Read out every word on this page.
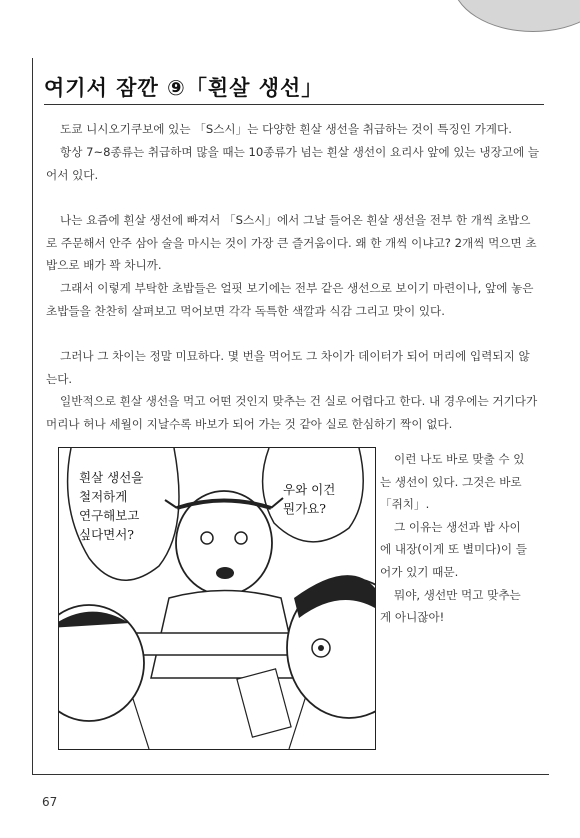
여기서 잠깐 ⑨「흰살 생선」

도쿄 니시오기쿠보에 있는 「S스시」는 다양한 흰살 생선을 취급하는 것이 특징인 가게다.

항상 7~8종류는 취급하며 많을 때는 10종류가 넘는 흰살 생선이 요리사 앞에 있는 냉장고에 늘어서 있다.

나는 요즘에 흰살 생선에 빠져서 「S스시」에서 그날 들어온 흰살 생선을 전부 한 개씩 초밥으로 주문해서 안주 삼아 술을 마시는 것이 가장 큰 즐거움이다. 왜 한 개씩 이냐고? 2개씩 먹으면 초밥으로 배가 꽉 차니까.

그래서 이렇게 부탁한 초밥들은 얼핏 보기에는 전부 같은 생선으로 보이기 마련이나, 앞에 놓은 초밥들을 찬찬히 살펴보고 먹어보면 각각 독특한 색깔과 식감 그리고 맛이 있다.

그러나 그 차이는 정말 미묘하다. 몇 번을 먹어도 그 차이가 데이터가 되어 머리에 입력되지 않는다.

일반적으로 흰살 생선을 먹고 어떤 것인지 맞추는 건 실로 어렵다고 한다. 내 경우에는 거기다가 머리나 허나 세월이 지날수록 바보가 되어 가는 것 같아 실로 한심하기 짝이 없다.

흰살 생선을
철저하게
연구해보고
싶다면서?
우와 이건
뭔가요?

이런 나도 바로 맞출 수 있는 생선이 있다. 그것은 바로 「쥐치」.

그 이유는 생선과 밥 사이에 내장(이게 또 별미다)이 들어가 있기 때문.

뭐야, 생선만 먹고 맞추는 게 아니잖아!

67
